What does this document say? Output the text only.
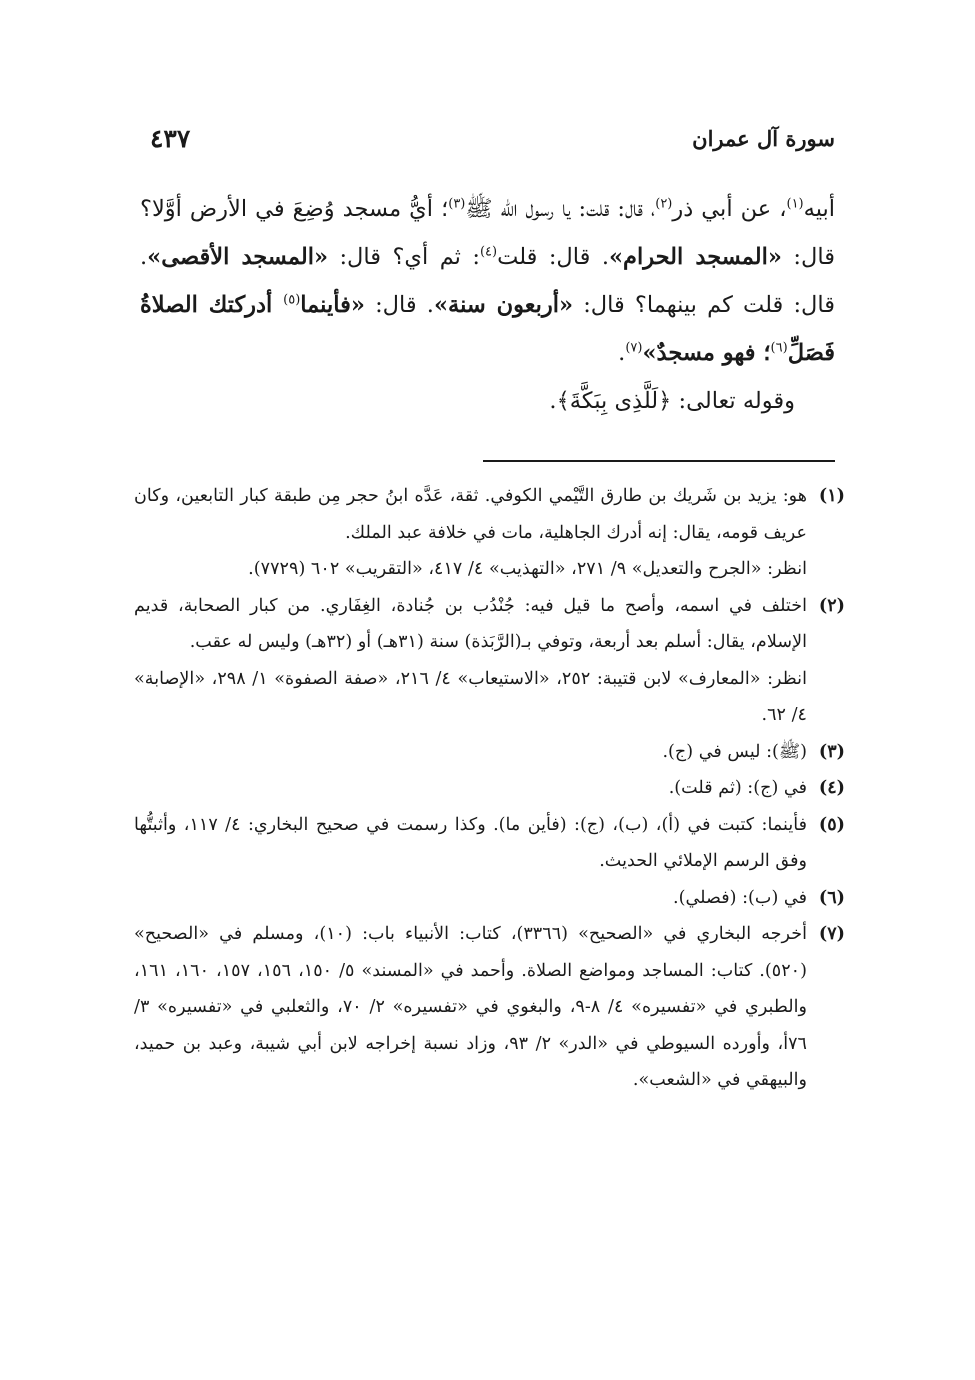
سورة آل عمران
٤٣٧

أبيه$^{(١)}$، عن أبي ذر$^{(٢)}$، قال: قلت: يا رسول الله ﷺ$^{(٣)}$؛ أيُّ مسجد وُضِعَ في الأرض أوَّلا؟ قال: «المسجد الحرام». قال: قلت$^{(٤)}$: ثم أي؟ قال: «المسجد الأقصى». قال: قلت كم بينهما؟ قال: «أربعون سنة». قال: «فأينما$^{(٥)}$ أدركتك الصلاةُ فَصَلِّ$^{(٦)}$؛ فهو مسجدٌ»$^{(٧)}$.

وقوله تعالى: ﴿لَلَّذِى بِبَكَّةَ﴾.

(١)

هو: يزيد بن شَريك بن طارق التَّيْمي الكوفي. ثقة، عَدَّه ابنُ حجر مِن طبقة كبار التابعين، وكان عريف قومه، يقال: إنه أدرك الجاهلية، مات في خلافة عبد الملك.

انظر: «الجرح والتعديل» ٩/ ٢٧١، «التهذيب» ٤/ ٤١٧، «التقريب» ٦٠٢ (٧٧٢٩).

(٢)

اختلف في اسمه، وأصح ما قيل فيه: جُنْدُب بن جُنادة، الغِفَاري. من كبار الصحابة، قديم الإسلام، يقال: أسلم بعد أربعة، وتوفي بـ(الرَّبَذة) سنة (٣١هـ) أو (٣٢هـ) وليس له عقب.

انظر: «المعارف» لابن قتيبة: ٢٥٢، «الاستيعاب» ٤/ ٢١٦، «صفة الصفوة» ١/ ٢٩٨، «الإصابة» ٤/ ٦٢.

(٣)

(ﷺ): ليس في (ج).

(٤)

في (ج): (ثم قلت).

(٥)

فأينما: كتبت في (أ)، (ب)، (ج): (فأين ما). وكذا رسمت في صحيح البخاري: ٤/ ١١٧، وأثبتُّها وفق الرسم الإملائي الحديث.

(٦)

في (ب): (فصلي).

(٧)

أخرجه البخاري في «الصحيح» (٣٣٦٦)، كتاب: الأنبياء باب: (١٠)، ومسلم في «الصحيح» (٥٢٠). كتاب: المساجد ومواضع الصلاة. وأحمد في «المسند» ٥/ ١٥٠، ١٥٦، ١٥٧، ١٦٠، ١٦١، والطبري في «تفسيره» ٤/ ٨-٩، والبغوي في «تفسيره» ٢/ ٧٠، والثعلبي في «تفسيره» ٣/ ٧٦أ، وأورده السيوطي في «الدر» ٢/ ٩٣، وزاد نسبة إخراجه لابن أبي شيبة، وعبد بن حميد، والبيهقي في «الشعب».
